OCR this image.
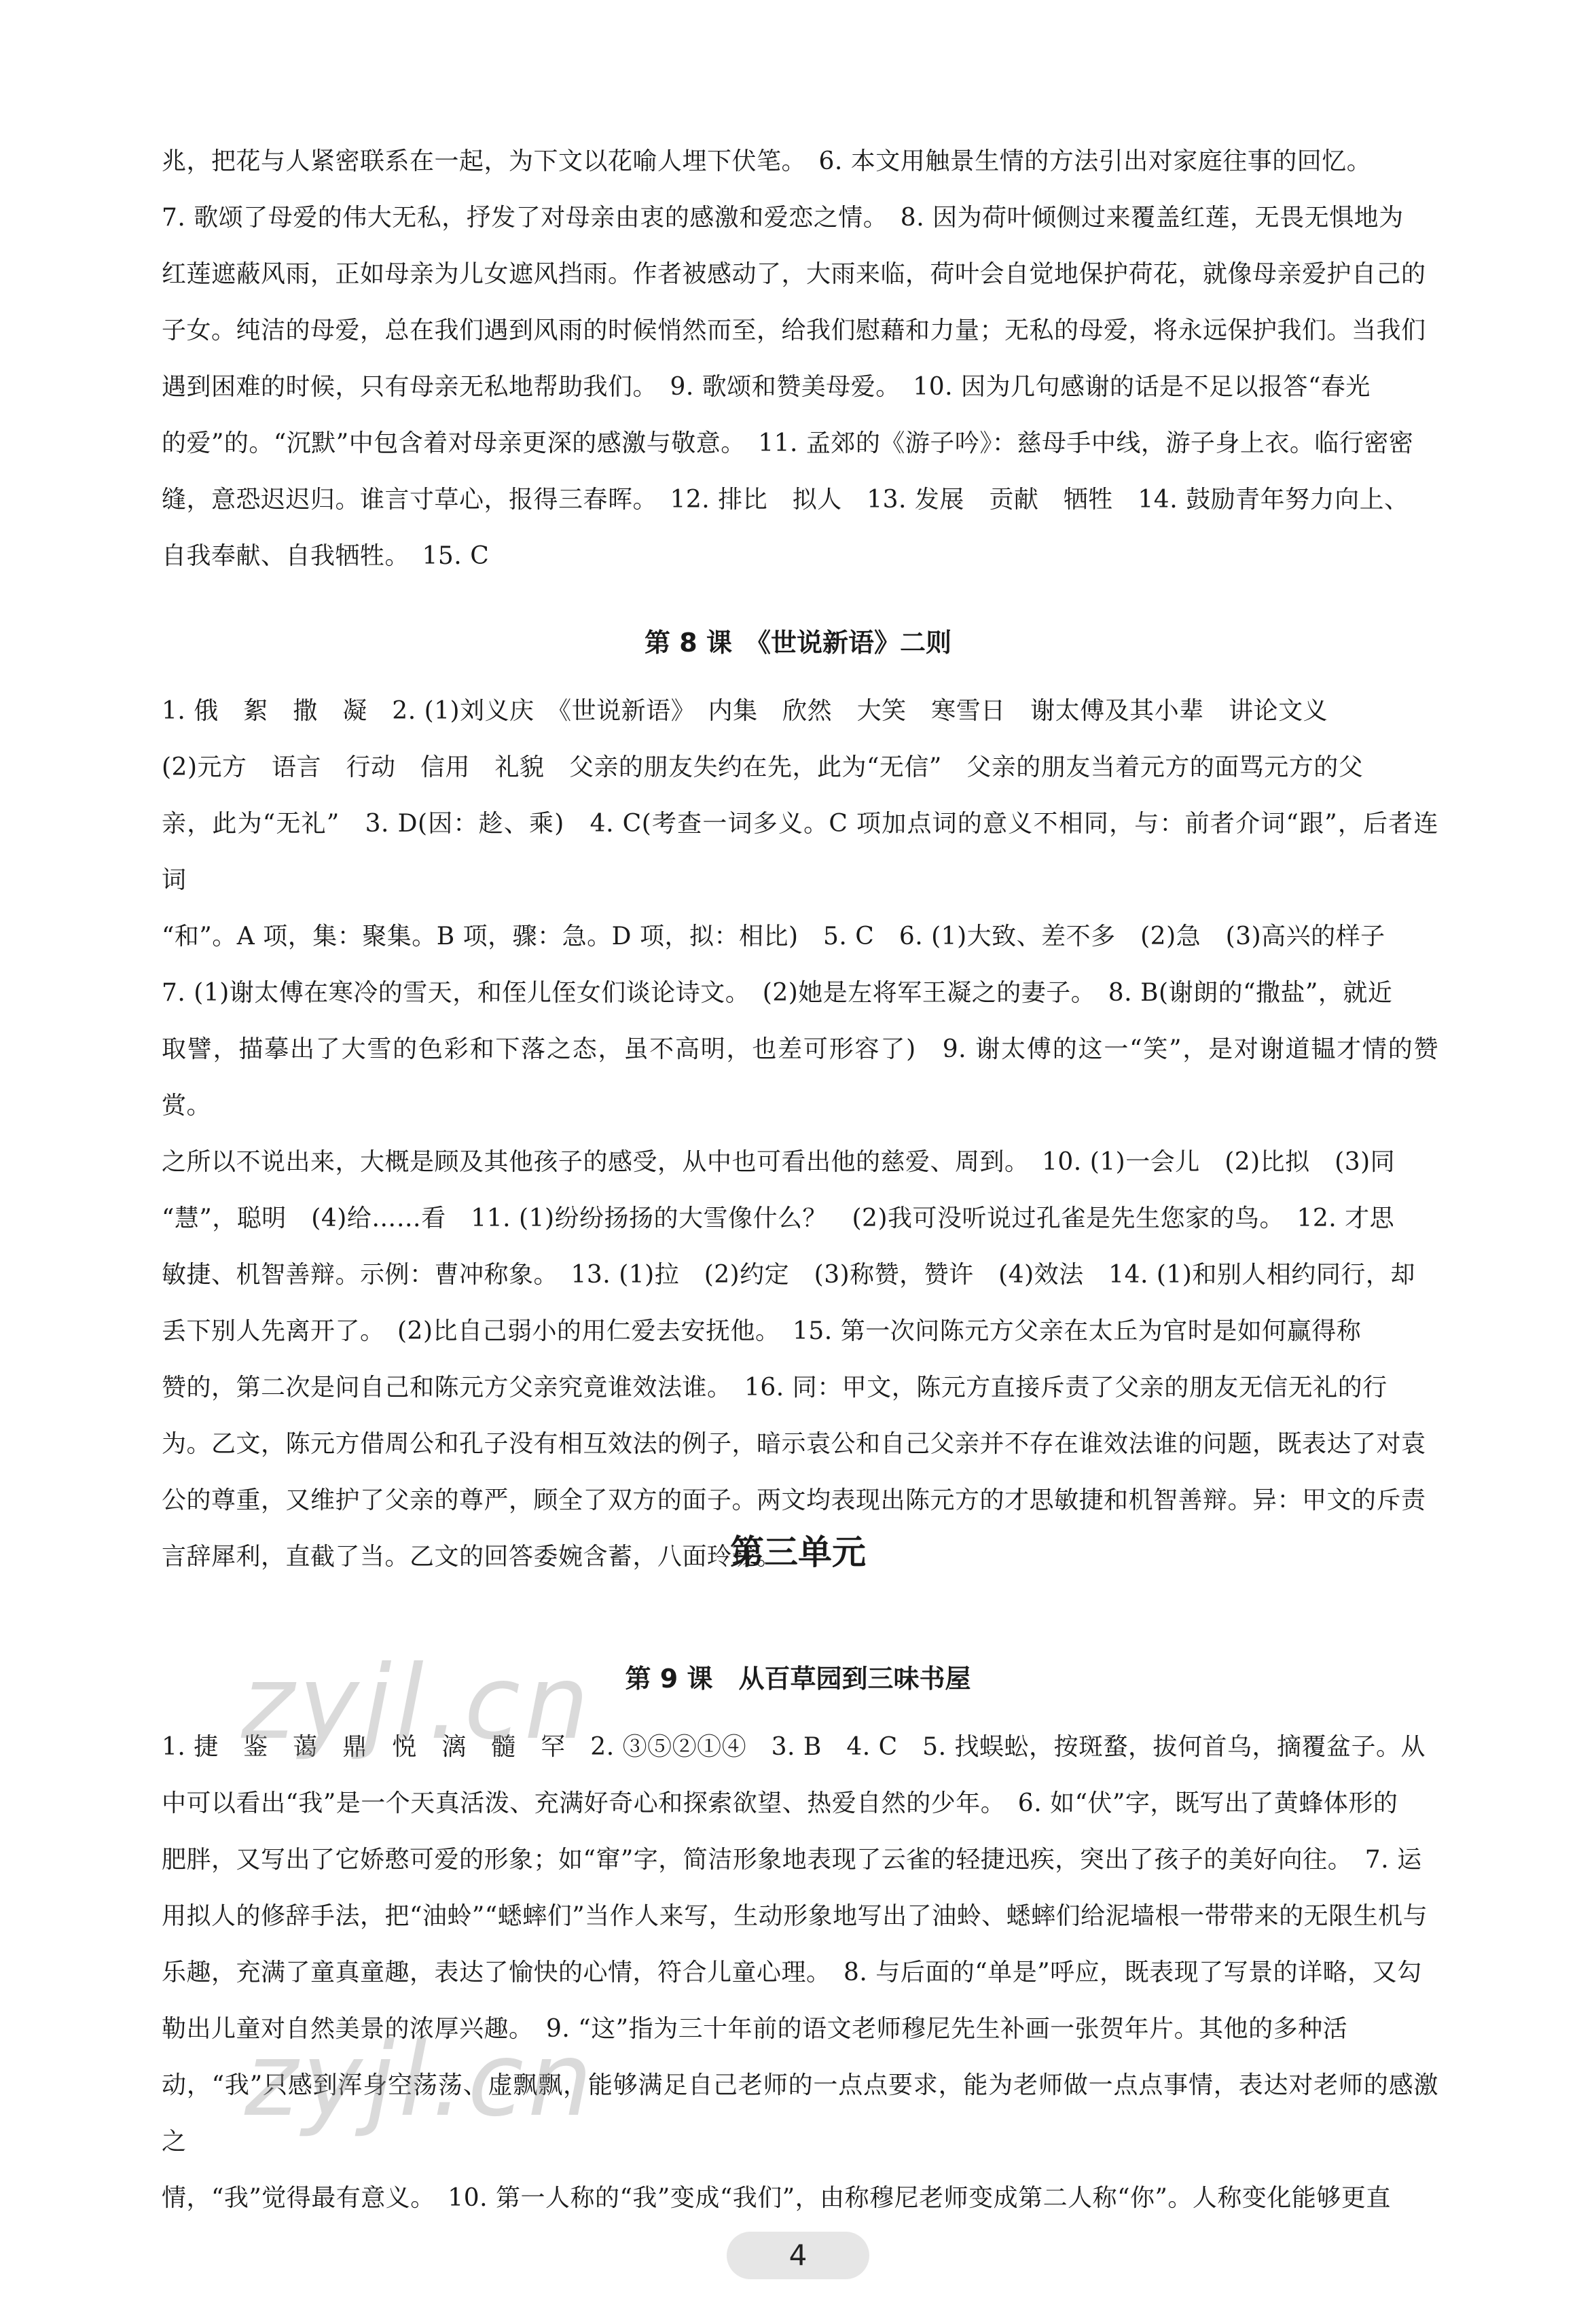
兆，把花与人紧密联系在一起，为下文以花喻人埋下伏笔。　6. 本文用触景生情的方法引出对家庭往事的回忆。

7. 歌颂了母爱的伟大无私，抒发了对母亲由衷的感激和爱恋之情。　8. 因为荷叶倾侧过来覆盖红莲，无畏无惧地为

红莲遮蔽风雨，正如母亲为儿女遮风挡雨。作者被感动了，大雨来临，荷叶会自觉地保护荷花，就像母亲爱护自己的

子女。纯洁的母爱，总在我们遇到风雨的时候悄然而至，给我们慰藉和力量；无私的母爱，将永远保护我们。当我们

遇到困难的时候，只有母亲无私地帮助我们。　9. 歌颂和赞美母爱。　10. 因为几句感谢的话是不足以报答“春光

的爱”的。“沉默”中包含着对母亲更深的感激与敬意。　11. 孟郊的《游子吟》：慈母手中线，游子身上衣。临行密密

缝，意恐迟迟归。谁言寸草心，报得三春晖。　12. 排比　拟人　13. 发展　贡献　牺牲　14. 鼓励青年努力向上、

自我奉献、自我牺牲。　15. C

第 8 课　《世说新语》二则

1. 俄　絮　撒　凝　2. (1)刘义庆　《世说新语》　内集　欣然　大笑　寒雪日　谢太傅及其小辈　讲论文义

(2)元方　语言　行动　信用　礼貌　父亲的朋友失约在先，此为“无信”　父亲的朋友当着元方的面骂元方的父

亲，此为“无礼”　3. D(因：趁、乘)　4. C(考查一词多义。C 项加点词的意义不相同，与：前者介词“跟”，后者连词

“和”。A 项，集：聚集。B 项，骤：急。D 项，拟：相比)　5. C　6. (1)大致、差不多　(2)急　(3)高兴的样子

7. (1)谢太傅在寒冷的雪天，和侄儿侄女们谈论诗文。　(2)她是左将军王凝之的妻子。　8. B(谢朗的“撒盐”，就近

取譬，描摹出了大雪的色彩和下落之态，虽不高明，也差可形容了)　9. 谢太傅的这一“笑”，是对谢道韫才情的赞赏。

之所以不说出来，大概是顾及其他孩子的感受，从中也可看出他的慈爱、周到。　10. (1)一会儿　(2)比拟　(3)同

“慧”，聪明　(4)给……看　11. (1)纷纷扬扬的大雪像什么？　(2)我可没听说过孔雀是先生您家的鸟。　12. 才思

敏捷、机智善辩。示例：曹冲称象。　13. (1)拉　(2)约定　(3)称赞，赞许　(4)效法　14. (1)和别人相约同行，却

丢下别人先离开了。　(2)比自己弱小的用仁爱去安抚他。　15. 第一次问陈元方父亲在太丘为官时是如何赢得称

赞的，第二次是问自己和陈元方父亲究竟谁效法谁。　16. 同：甲文，陈元方直接斥责了父亲的朋友无信无礼的行

为。乙文，陈元方借周公和孔子没有相互效法的例子，暗示袁公和自己父亲并不存在谁效法谁的问题，既表达了对袁

公的尊重，又维护了父亲的尊严，顾全了双方的面子。两文均表现出陈元方的才思敏捷和机智善辩。异：甲文的斥责

言辞犀利，直截了当。乙文的回答委婉含蓄，八面玲珑。

第三单元
第 9 课　从百草园到三味书屋

1. 捷　鉴　蔼　鼎　悦　漓　髓　罕　2. ③⑤②①④　3. B　4. C　5. 找蜈蚣，按斑蝥，拔何首乌，摘覆盆子。从

中可以看出“我”是一个天真活泼、充满好奇心和探索欲望、热爱自然的少年。　6. 如“伏”字，既写出了黄蜂体形的

肥胖，又写出了它娇憨可爱的形象；如“窜”字，简洁形象地表现了云雀的轻捷迅疾，突出了孩子的美好向往。　7. 运

用拟人的修辞手法，把“油蛉”“蟋蟀们”当作人来写，生动形象地写出了油蛉、蟋蟀们给泥墙根一带带来的无限生机与

乐趣，充满了童真童趣，表达了愉快的心情，符合儿童心理。　8. 与后面的“单是”呼应，既表现了写景的详略，又勾

勒出儿童对自然美景的浓厚兴趣。　9. “这”指为三十年前的语文老师穆尼先生补画一张贺年片。其他的多种活

动，“我”只感到浑身空荡荡、虚飘飘，能够满足自己老师的一点点要求，能为老师做一点点事情，表达对老师的感激之

情，“我”觉得最有意义。　10. 第一人称的“我”变成“我们”，由称穆尼老师变成第二人称“你”。人称变化能够更直

zyjl.cn
zyjl.cn
4
